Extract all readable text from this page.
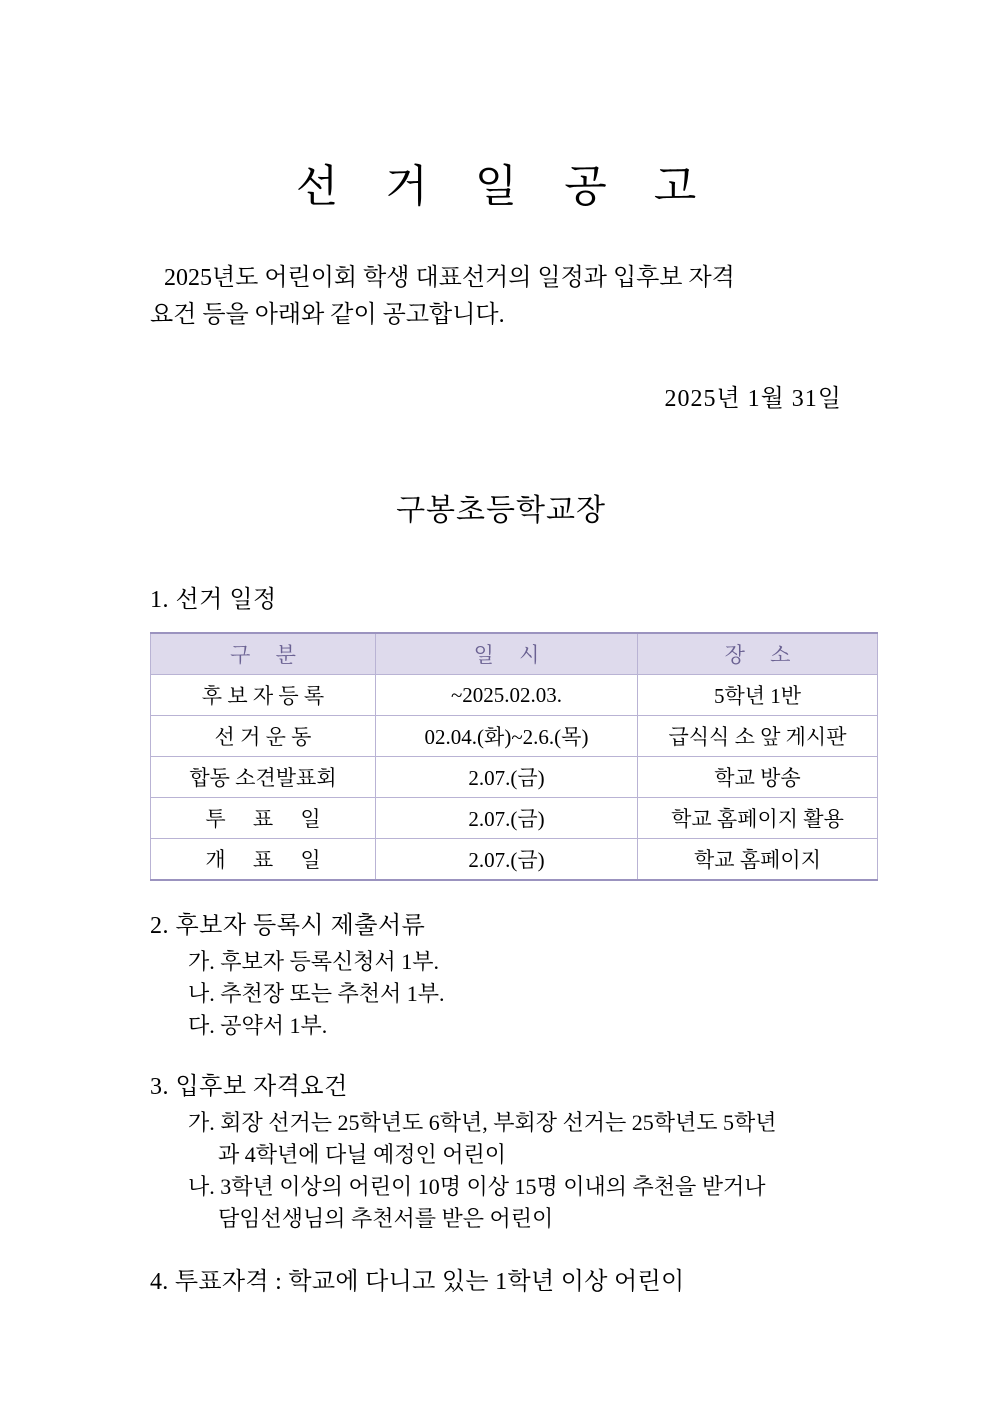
선 거 일 공 고

2025년도 어린이회 학생 대표선거의 일정과 입후보 자격
요건 등을 아래와 같이 공고합니다.

2025년 1월 31일
구봉초등학교장
1. 선거 일정
구 분	일 시	장 소
후 보 자 등 록	~2025.02.03.	5학년 1반
선 거 운 동	02.04.(화)~2.6.(목)	급식식 소 앞 게시판
합동 소견발표회	2.07.(금)	학교 방송
투 표 일	2.07.(금)	학교 홈페이지 활용
개 표 일	2.07.(금)	학교 홈페이지
2. 후보자 등록시 제출서류
가. 후보자 등록신청서 1부.
나. 추천장 또는 추천서 1부.
다. 공약서 1부.
3. 입후보 자격요건
가. 회장 선거는 25학년도 6학년, 부회장 선거는 25학년도 5학년
과 4학년에 다닐 예정인 어린이
나. 3학년 이상의 어린이 10명 이상 15명 이내의 추천을 받거나
담임선생님의 추천서를 받은 어린이
4. 투표자격 : 학교에 다니고 있는 1학년 이상 어린이
